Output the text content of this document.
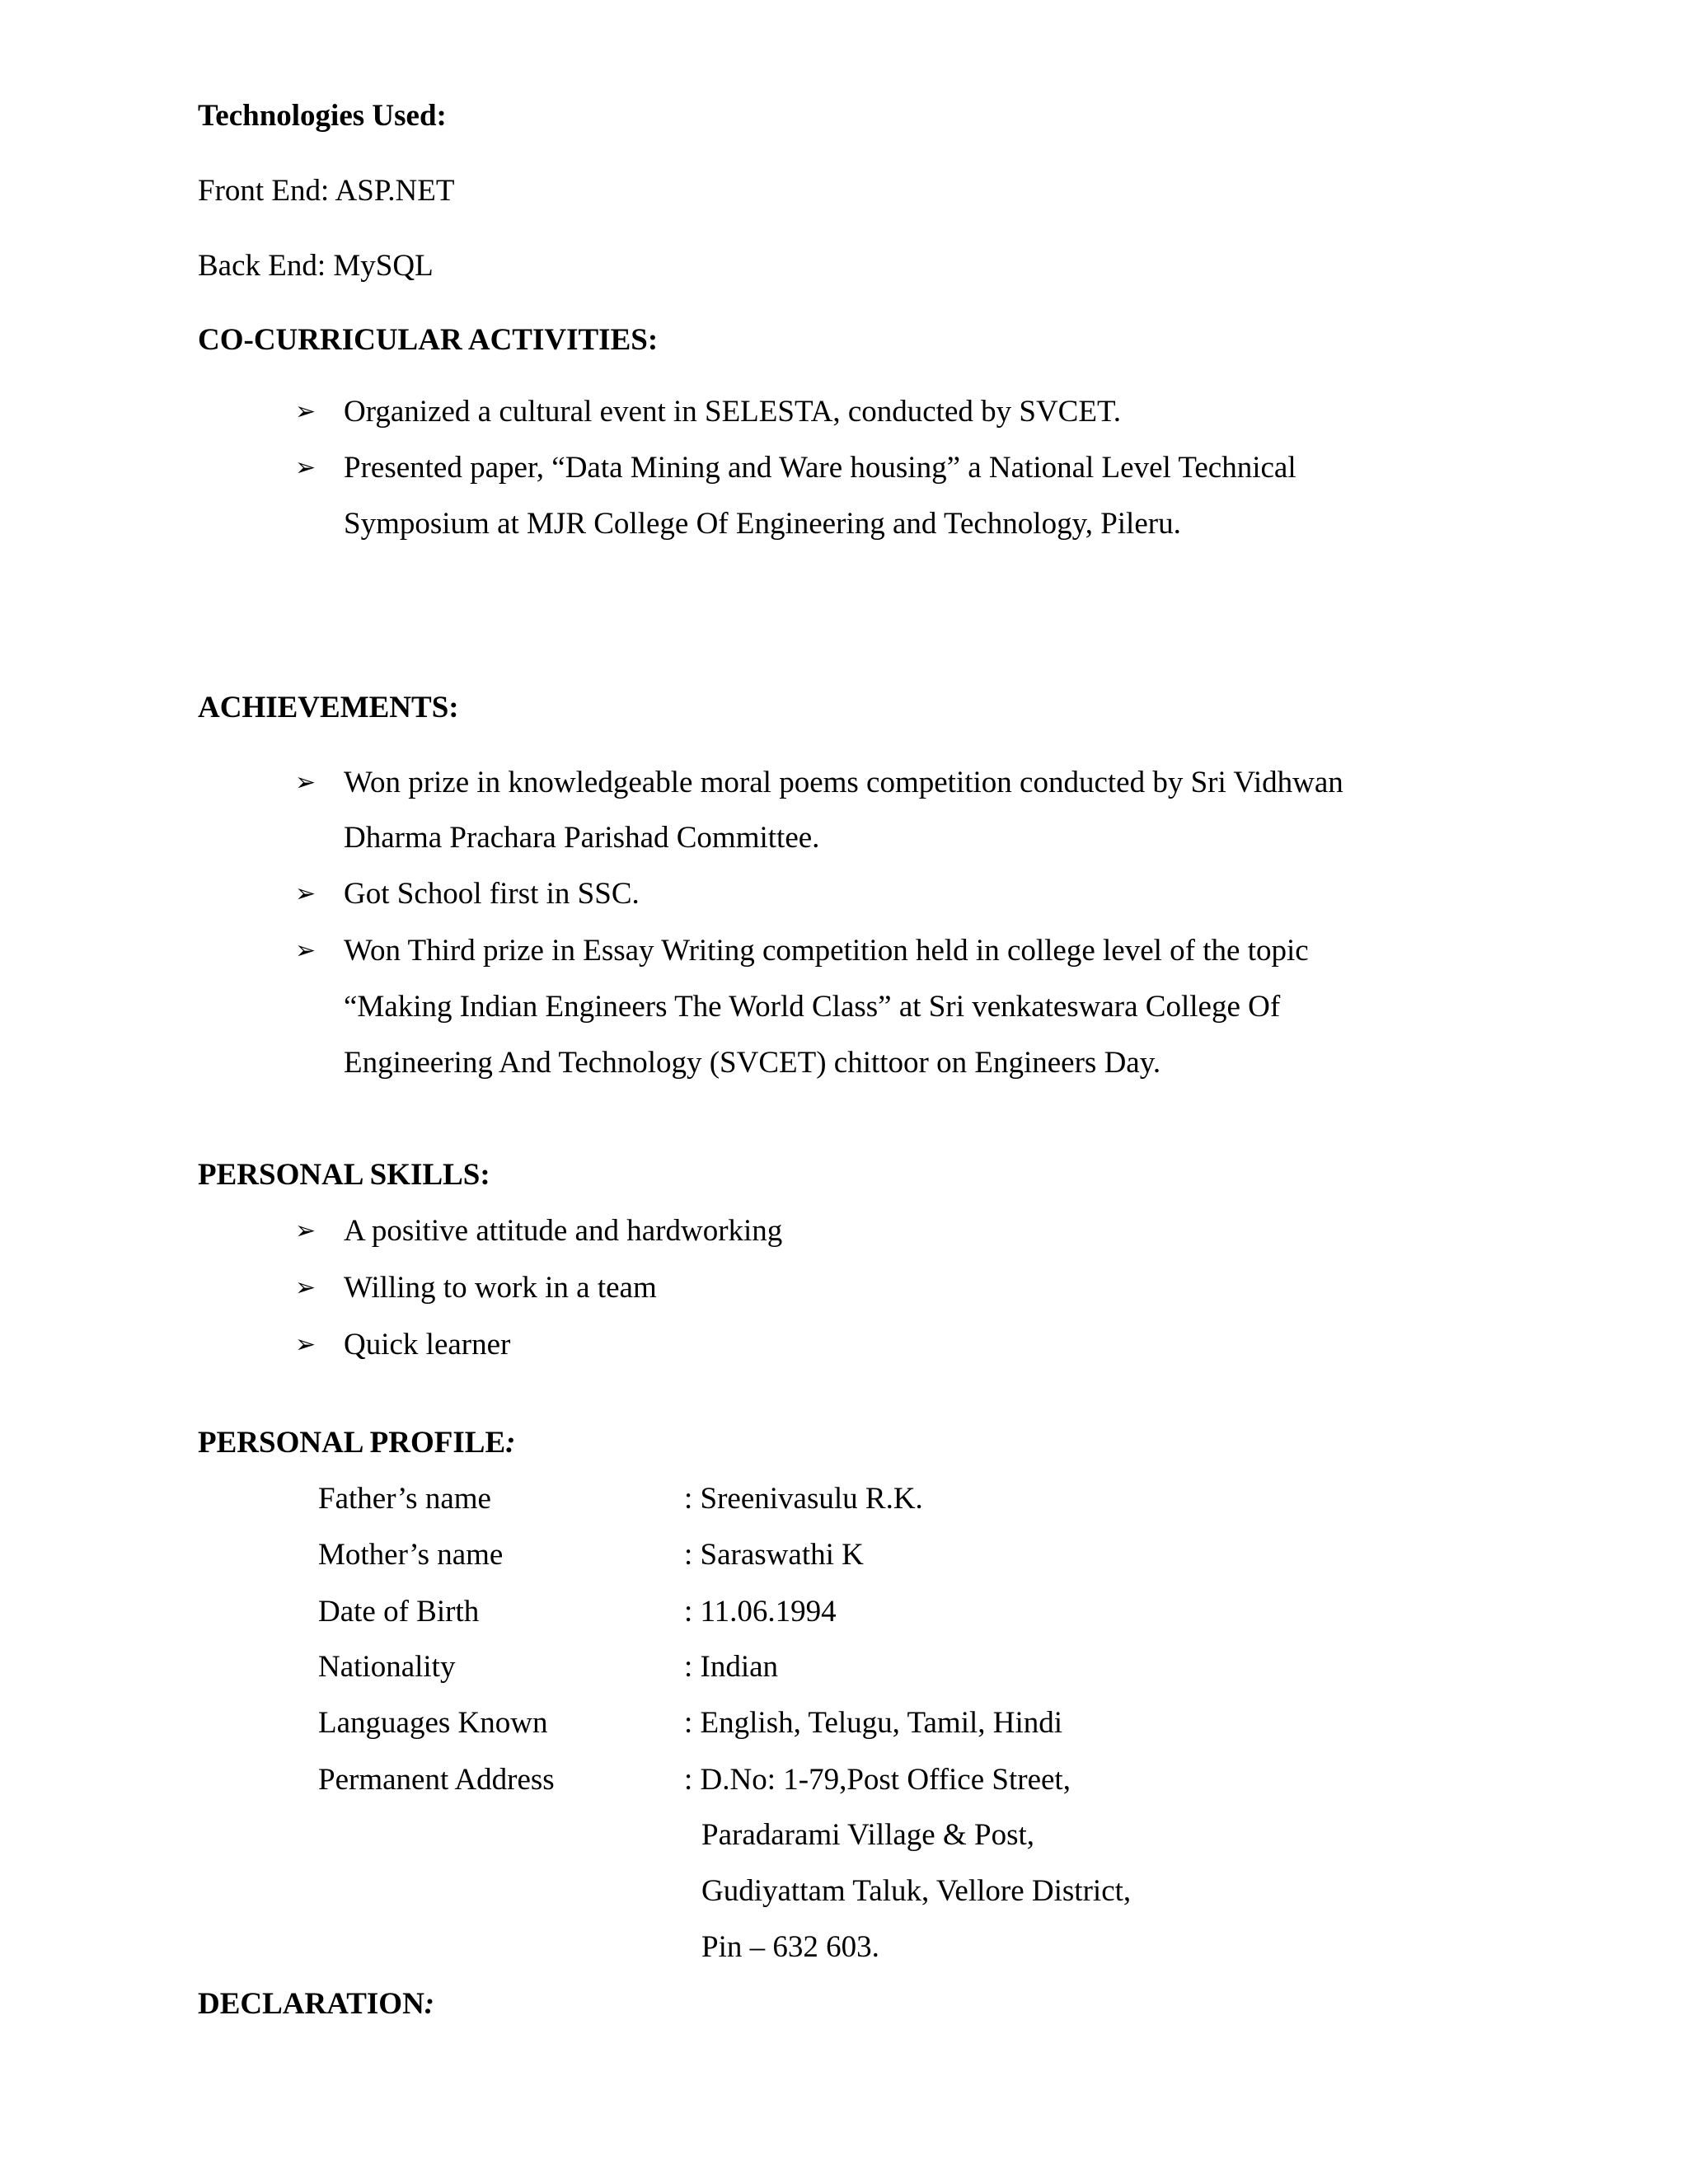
Technologies Used:
Front End: ASP.NET
Back End: MySQL
CO-CURRICULAR ACTIVITIES:
➢ Organized a cultural event in SELESTA, conducted by SVCET.
➢ Presented paper, “Data Mining and Ware housing” a National Level Technical
Symposium at MJR College Of Engineering and Technology, Pileru.
ACHIEVEMENTS:
➢ Won prize in knowledgeable moral poems competition conducted by Sri Vidhwan
Dharma Prachara Parishad Committee.
➢ Got School first in SSC.
➢ Won Third prize in Essay Writing competition held in college level of the topic
“Making Indian Engineers The World Class” at Sri venkateswara College Of
Engineering And Technology (SVCET) chittoor on Engineers Day.
PERSONAL SKILLS:
➢ A positive attitude and hardworking
➢ Willing to work in a team
➢ Quick learner
PERSONAL PROFILE:
Father’s name	: Sreenivasulu R.K.
Mother’s name	: Saraswathi K
Date of Birth	: 11.06.1994
Nationality	: Indian
Languages Known	: English, Telugu, Tamil, Hindi
Permanent Address	: D.No: 1-79,Post Office Street,
Paradarami Village & Post,
Gudiyattam Taluk, Vellore District,
Pin – 632 603.
DECLARATION:
